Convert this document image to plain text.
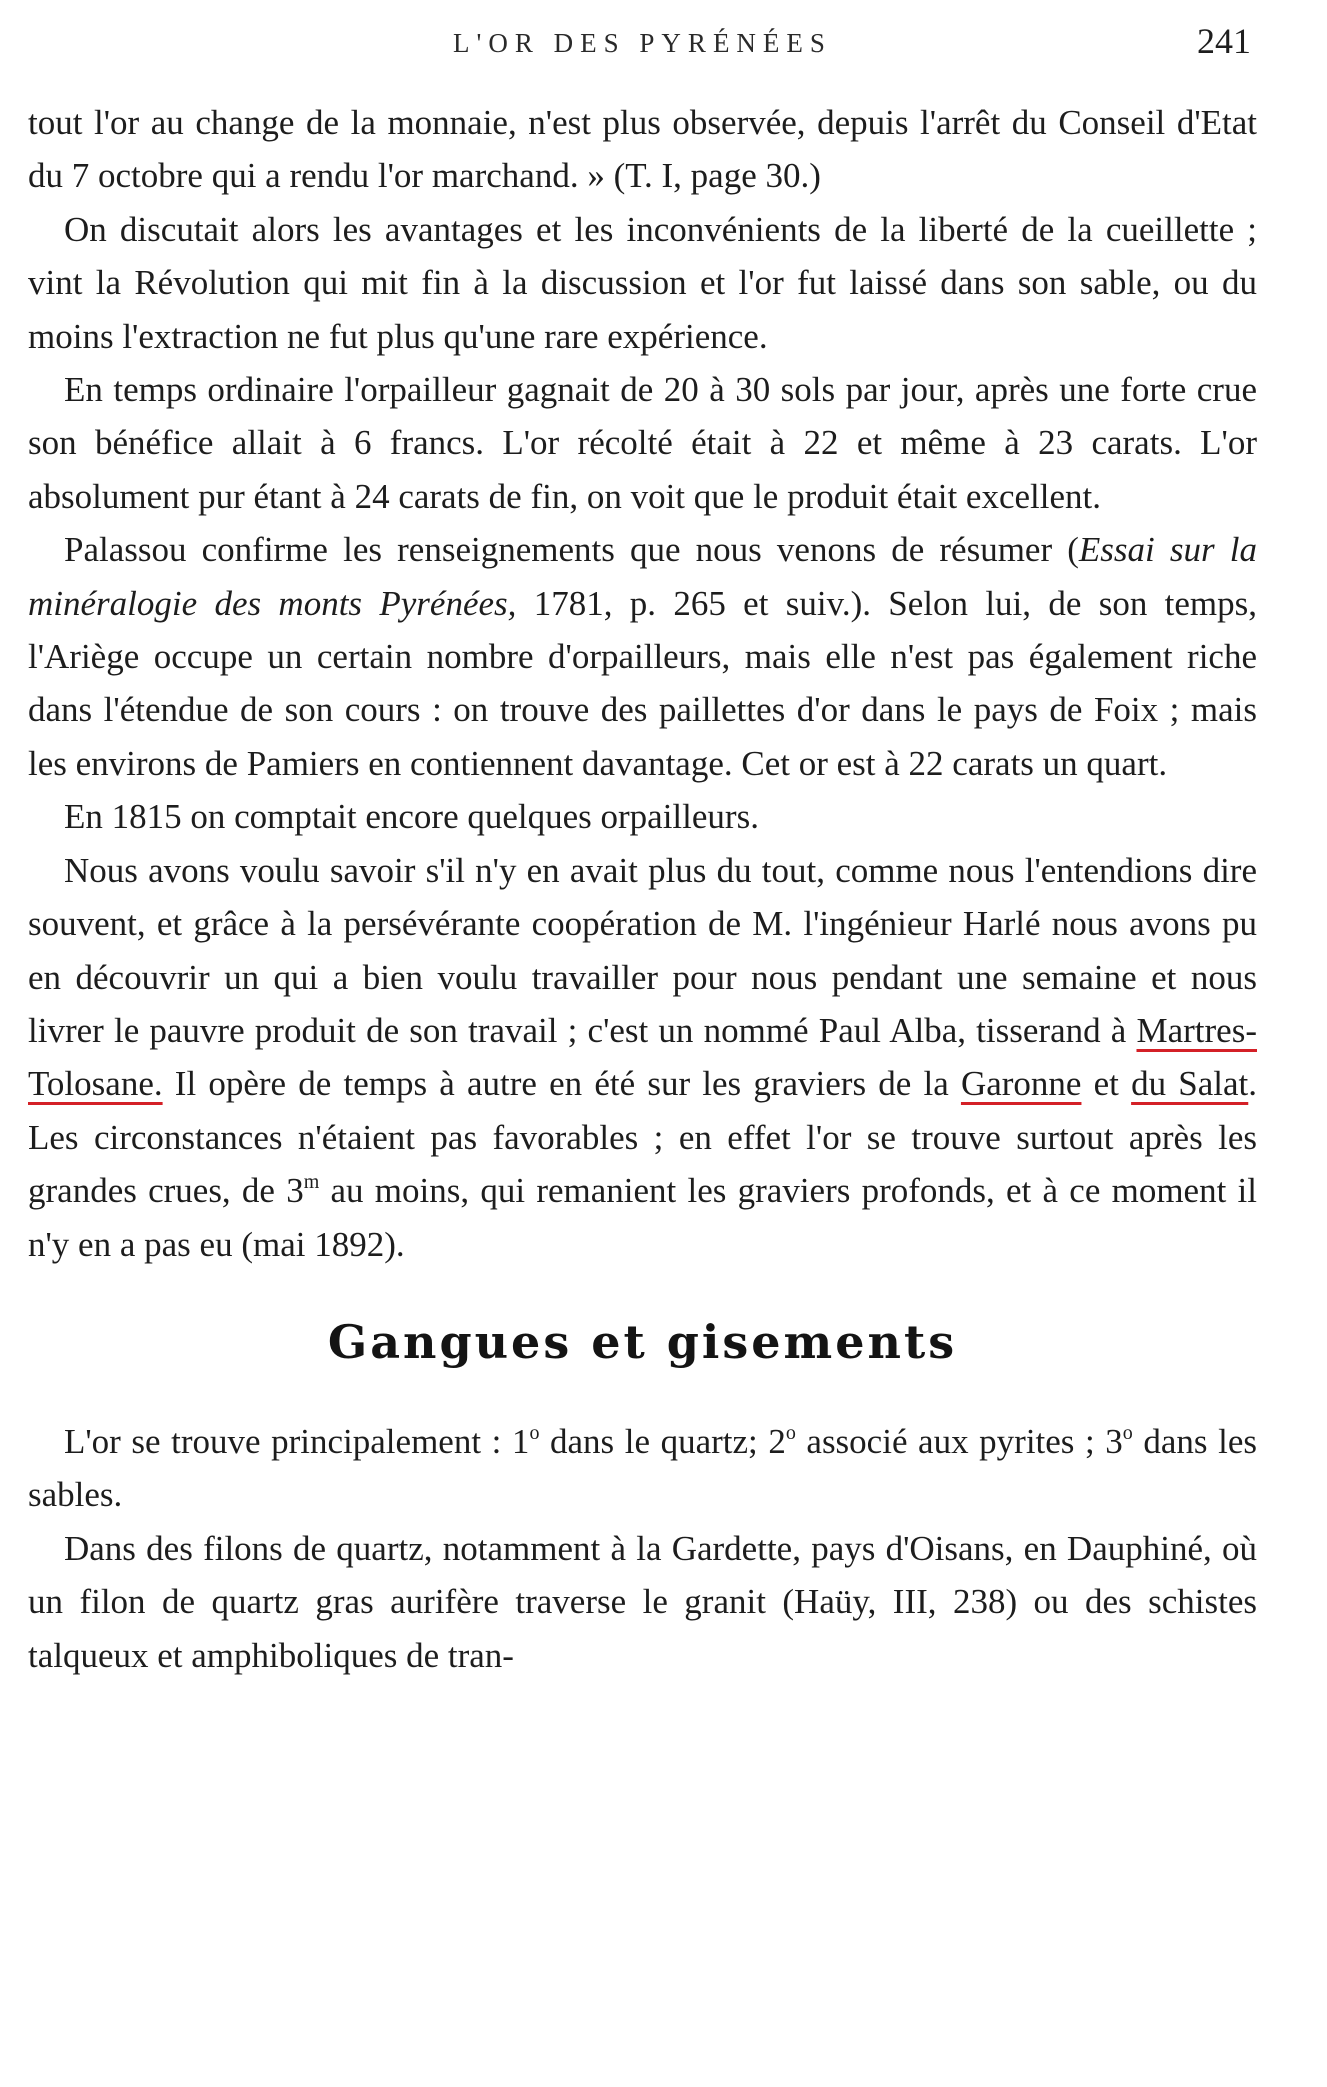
L'OR DES PYRÉNÉES	241

tout l'or au change de la monnaie, n'est plus observée, depuis l'arrêt du Conseil d'Etat du 7 octobre qui a rendu l'or marchand. » (T. I, page 30.)

On discutait alors les avantages et les inconvénients de la liberté de la cueillette ; vint la Révolution qui mit fin à la discussion et l'or fut laissé dans son sable, ou du moins l'extraction ne fut plus qu'une rare expérience.

En temps ordinaire l'orpailleur gagnait de 20 à 30 sols par jour, après une forte crue son bénéfice allait à 6 francs. L'or récolté était à 22 et même à 23 carats. L'or absolument pur étant à 24 carats de fin, on voit que le produit était excellent.

Palassou confirme les renseignements que nous venons de résumer (Essai sur la minéralogie des monts Pyrénées, 1781, p. 265 et suiv.). Selon lui, de son temps, l'Ariège occupe un certain nombre d'orpailleurs, mais elle n'est pas également riche dans l'étendue de son cours : on trouve des paillettes d'or dans le pays de Foix ; mais les environs de Pamiers en contiennent davantage. Cet or est à 22 carats un quart.

En 1815 on comptait encore quelques orpailleurs.

Nous avons voulu savoir s'il n'y en avait plus du tout, comme nous l'entendions dire souvent, et grâce à la persévérante coopération de M. l'ingénieur Harlé nous avons pu en découvrir un qui a bien voulu travailler pour nous pendant une semaine et nous livrer le pauvre produit de son travail ; c'est un nommé Paul Alba, tisserand à Martres-Tolosane. Il opère de temps à autre en été sur les graviers de la Garonne et du Salat. Les circonstances n'étaient pas favorables ; en effet l'or se trouve surtout après les grandes crues, de 3$^m$ au moins, qui remanient les graviers profonds, et à ce moment il n'y en a pas eu (mai 1892).

Gangues et gisements

L'or se trouve principalement : 1$^o$ dans le quartz; 2$^o$ associé aux pyrites ; 3$^o$ dans les sables.

Dans des filons de quartz, notamment à la Gardette, pays d'Oisans, en Dauphiné, où un filon de quartz gras aurifère traverse le granit (Haüy, III, 238) ou des schistes talqueux et amphiboliques de tran-
